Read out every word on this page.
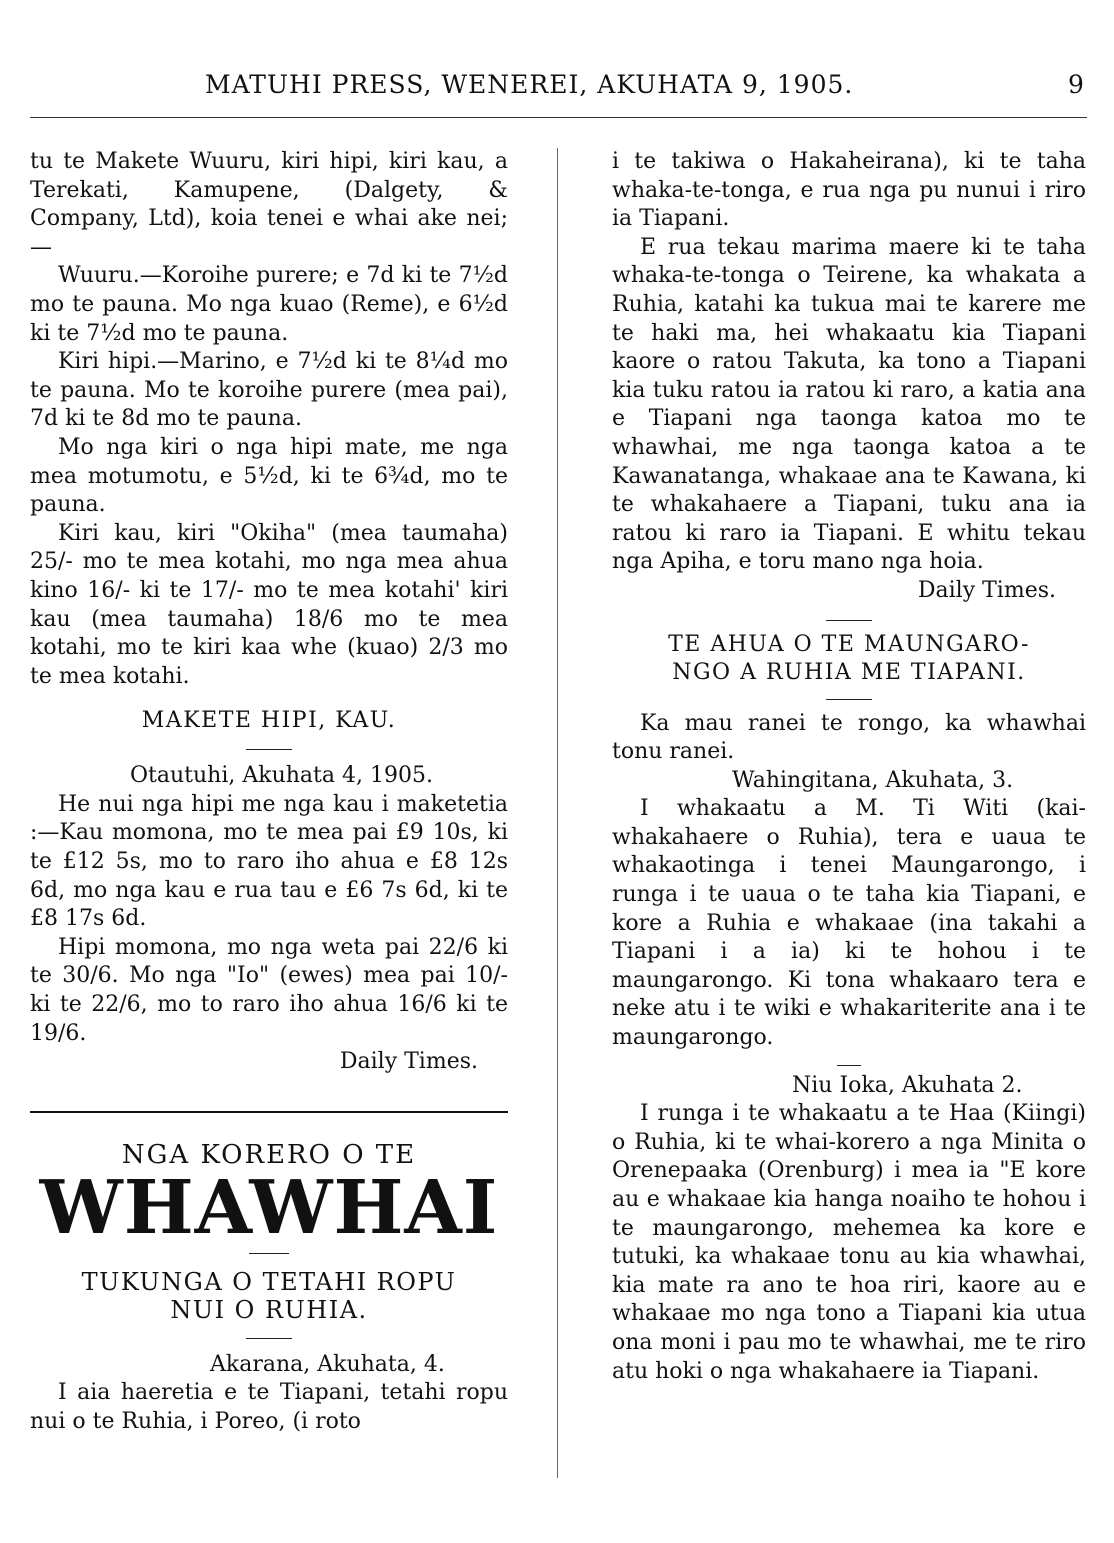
MATUHI PRESS, WENEREI, AKUHATA 9, 1905.	9

tu te Makete Wuuru, kiri hipi, kiri kau, a Terekati, Kamupene, (Dalgety, & Company, Ltd), koia tenei e whai ake nei;—

Wuuru.—Koroihe purere; e 7d ki te 7½d mo te pauna. Mo nga kuao (Reme), e 6½d ki te 7½d mo te pauna.

Kiri hipi.—Marino, e 7½d ki te 8¼d mo te pauna. Mo te koroihe purere (mea pai), 7d ki te 8d mo te pauna.

Mo nga kiri o nga hipi mate, me nga mea motumotu, e 5½d, ki te 6¾d, mo te pauna.

Kiri kau, kiri "Okiha" (mea taumaha) 25/- mo te mea kotahi, mo nga mea ahua kino 16/- ki te 17/- mo te mea kotahi' kiri kau (mea taumaha) 18/6 mo te mea kotahi, mo te kiri kaa whe (kuao) 2/3 mo te mea kotahi.

MAKETE HIPI, KAU.

Otautuhi, Akuhata 4, 1905.

He nui nga hipi me nga kau i maketetia :—Kau momona, mo te mea pai £9 10s, ki te £12 5s, mo to raro iho ahua e £8 12s 6d, mo nga kau e rua tau e £6 7s 6d, ki te £8 17s 6d.

Hipi momona, mo nga weta pai 22/6 ki te 30/6. Mo nga "Io" (ewes) mea pai 10/- ki te 22/6, mo to raro iho ahua 16/6 ki te 19/6.

Daily Times.

NGA KORERO O TE
WHAWHAI
TUKUNGA O TETAHI ROPU
NUI O RUHIA.

Akarana, Akuhata, 4.

I aia haeretia e te Tiapani, tetahi ropu nui o te Ruhia, i Poreo, (i roto

i te takiwa o Hakaheirana), ki te taha whaka-te-tonga, e rua nga pu nunui i riro ia Tiapani.

E rua tekau marima maere ki te taha whaka-te-tonga o Teirene, ka whakata a Ruhia, katahi ka tukua mai te karere me te haki ma, hei whakaatu kia Tiapani kaore o ratou Takuta, ka tono a Tiapani kia tuku ratou ia ratou ki raro, a katia ana e Tiapani nga taonga katoa mo te whawhai, me nga taonga katoa a te Kawanatanga, whakaae ana te Kawana, ki te whakahaere a Tiapani, tuku ana ia ratou ki raro ia Tiapani. E whitu tekau nga Apiha, e toru mano nga hoia.

Daily Times.

TE AHUA O TE MAUNGARO-
NGO A RUHIA ME TIAPANI.

Ka mau ranei te rongo, ka whawhai tonu ranei.

Wahingitana, Akuhata, 3.

I whakaatu a M. Ti Witi (kai-whakahaere o Ruhia), tera e uaua te whakaotinga i tenei Maungarongo, i runga i te uaua o te taha kia Tiapani, e kore a Ruhia e whakaae (ina takahi a Tiapani i a ia) ki te hohou i te maungarongo. Ki tona whakaaro tera e neke atu i te wiki e whakariterite ana i te maungarongo.

Niu Ioka, Akuhata 2.

I runga i te whakaatu a te Haa (Kiingi) o Ruhia, ki te whai-korero a nga Minita o Orenepaaka (Orenburg) i mea ia "E kore au e whakaae kia hanga noaiho te hohou i te maungarongo, mehemea ka kore e tutuki, ka whakaae tonu au kia whawhai, kia mate ra ano te hoa riri, kaore au e whakaae mo nga tono a Tiapani kia utua ona moni i pau mo te whawhai, me te riro atu hoki o nga whakahaere ia Tiapani.
